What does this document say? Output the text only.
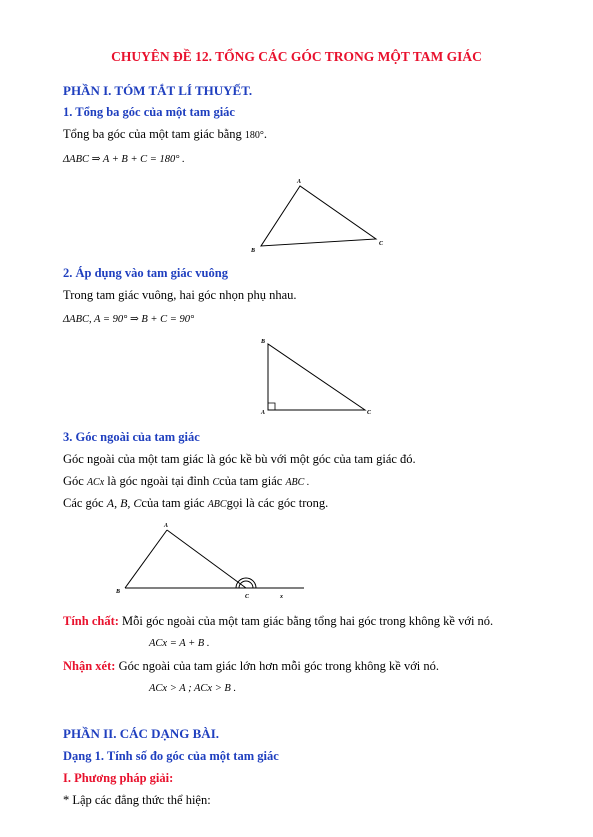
CHUYÊN ĐỀ 12. TỔNG CÁC GÓC TRONG MỘT TAM GIÁC
PHẦN I. TÓM TẮT LÍ THUYẾT.
1. Tổng ba góc của một tam giác
Tổng ba góc của một tam giác bằng 180°.
ΔABC ⇒ A + B + C = 180° .
A
B
C
2. Áp dụng vào tam giác vuông
Trong tam giác vuông, hai góc nhọn phụ nhau.
ΔABC, A = 90° ⇒ B + C = 90°
B
A	C
3. Góc ngoài của tam giác
Góc ngoài của một tam giác là góc kề bù với một góc của tam giác đó.
Góc ACx là góc ngoài tại đỉnh Ccủa tam giác ABC .
Các góc A, B, Ccủa tam giác ABCgọi là các góc trong.
A
B
C	x
Tính chất: Mỗi góc ngoài của một tam giác bằng tổng hai góc trong không kề với nó.
ACx = A + B .
Nhận xét: Góc ngoài của tam giác lớn hơn mỗi góc trong không kề với nó.
ACx > A ; ACx > B .
PHẦN II. CÁC DẠNG BÀI.
Dạng 1. Tính số đo góc của một tam giác
I. Phương pháp giải:
* Lập các đẳng thức thể hiện:
